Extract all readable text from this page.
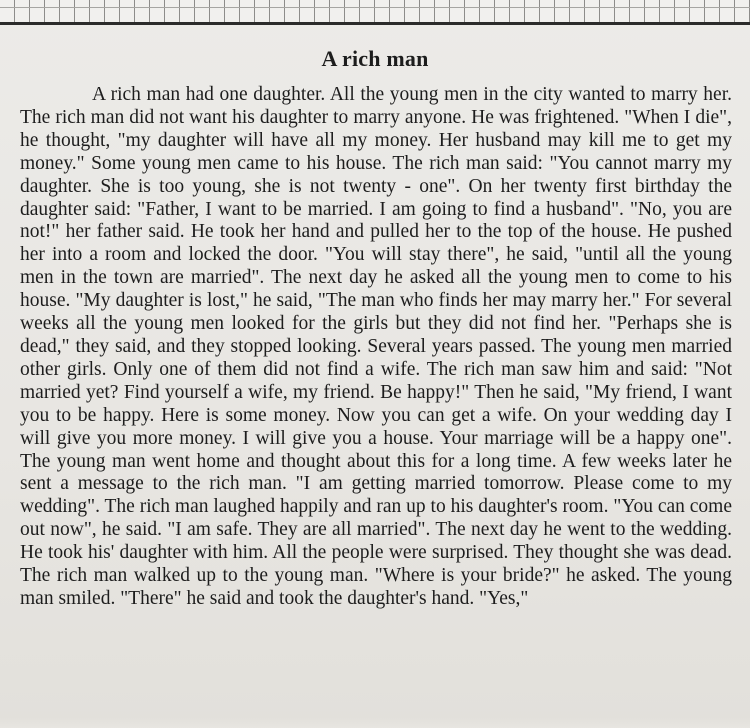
A rich man

A rich man had one daughter. All the young men in the city wanted to marry her. The rich man did not want his daughter to marry anyone. He was frightened. "When I die", he thought, "my daughter will have all my money. Her husband may kill me to get my money." Some young men came to his house. The rich man said: "You cannot marry my daughter. She is too young, she is not twenty - one". On her twenty first birthday the daughter said: "Father, I want to be married. I am going to find a husband". "No, you are not!" her father said. He took her hand and pulled her to the top of the house. He pushed her into a room and locked the door. "You will stay there", he said, "until all the young men in the town are married". The next day he asked all the young men to come to his house. "My daughter is lost," he said, "The man who finds her may marry her." For several weeks all the young men looked for the girls but they did not find her. "Perhaps she is dead," they said, and they stopped looking. Several years passed. The young men married other girls. Only one of them did not find a wife. The rich man saw him and said: "Not married yet? Find yourself a wife, my friend. Be happy!" Then he said, "My friend, I want you to be happy. Here is some money. Now you can get a wife. On your wedding day I will give you more money. I will give you a house. Your marriage will be a happy one". The young man went home and thought about this for a long time. A few weeks later he sent a message to the rich man. "I am getting married tomorrow. Please come to my wedding". The rich man laughed happily and ran up to his daughter's room. "You can come out now", he said. "I am safe. They are all married". The next day he went to the wedding. He took his' daughter with him. All the people were surprised. They thought she was dead. The rich man walked up to the young man. "Where is your bride?" he asked. The young man smiled. "There" he said and took the daughter's hand. "Yes,"
